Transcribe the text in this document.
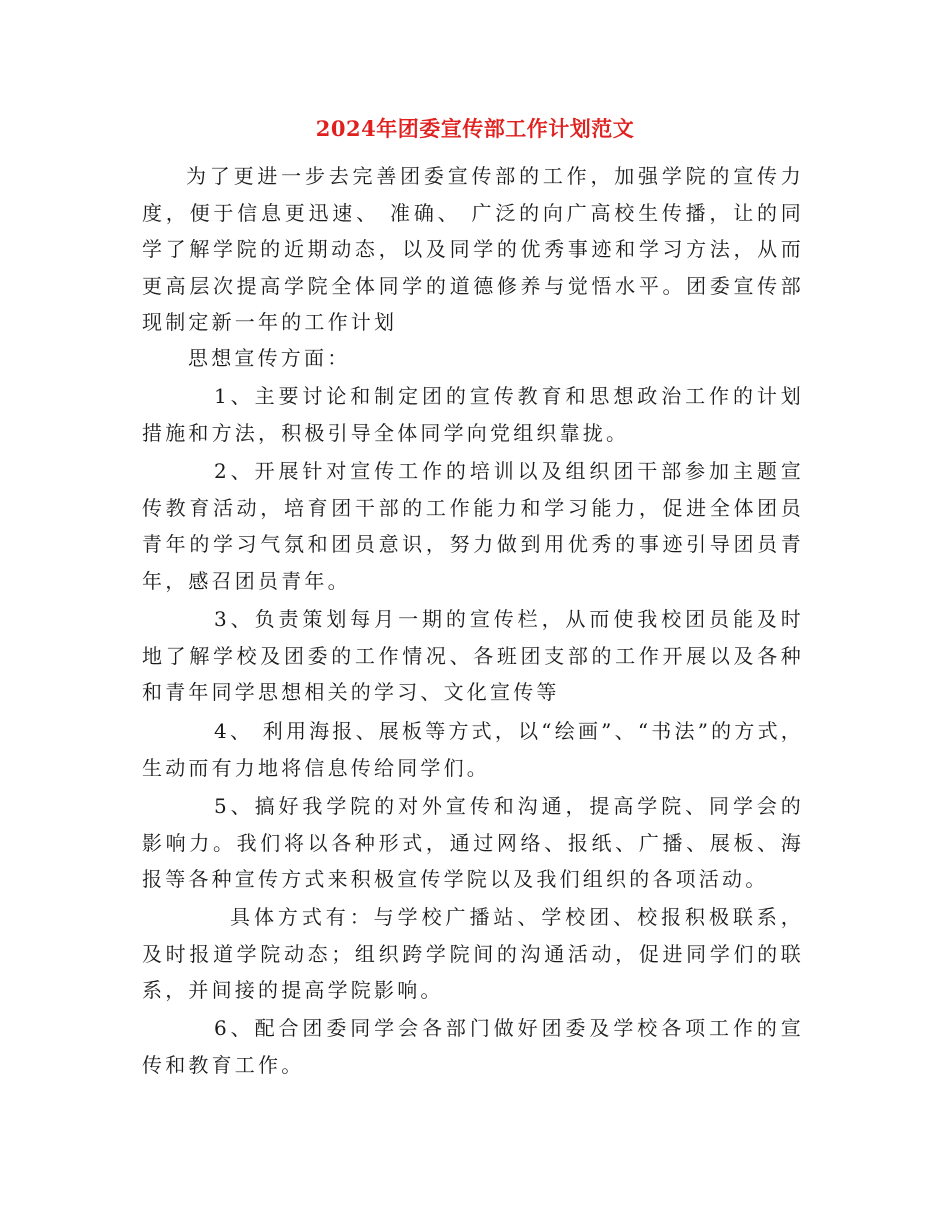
2024年团委宣传部工作计划范文

为了更进一步去完善团委宣传部的工作，加强学院的宣传力度，便于信息更迅速、 准确、 广泛的向广高校生传播，让的同学了解学院的近期动态，以及同学的优秀事迹和学习方法，从而更高层次提高学院全体同学的道德修养与觉悟水平。团委宣传部现制定新一年的工作计划

思想宣传方面：

1、主要讨论和制定团的宣传教育和思想政治工作的计划 措施和方法，积极引导全体同学向党组织靠拢。

2、开展针对宣传工作的培训以及组织团干部参加主题宣传教育活动，培育团干部的工作能力和学习能力，促进全体团员青年的学习气氛和团员意识，努力做到用优秀的事迹引导团员青年，感召团员青年。

3、负责策划每月一期的宣传栏，从而使我校团员能及时地了解学校及团委的工作情况、各班团支部的工作开展以及各种和青年同学思想相关的学习、文化宣传等

4、 利用海报、展板等方式，以“绘画”、“书法”的方式，生动而有力地将信息传给同学们。

5、搞好我学院的对外宣传和沟通，提高学院、同学会的影响力。我们将以各种形式，通过网络、报纸、广播、展板、海报等各种宣传方式来积极宣传学院以及我们组织的各项活动。

具体方式有：与学校广播站、学校团、校报积极联系，及时报道学院动态；组织跨学院间的沟通活动，促进同学们的联系，并间接的提高学院影响。

6、配合团委同学会各部门做好团委及学校各项工作的宣传和教育工作。
